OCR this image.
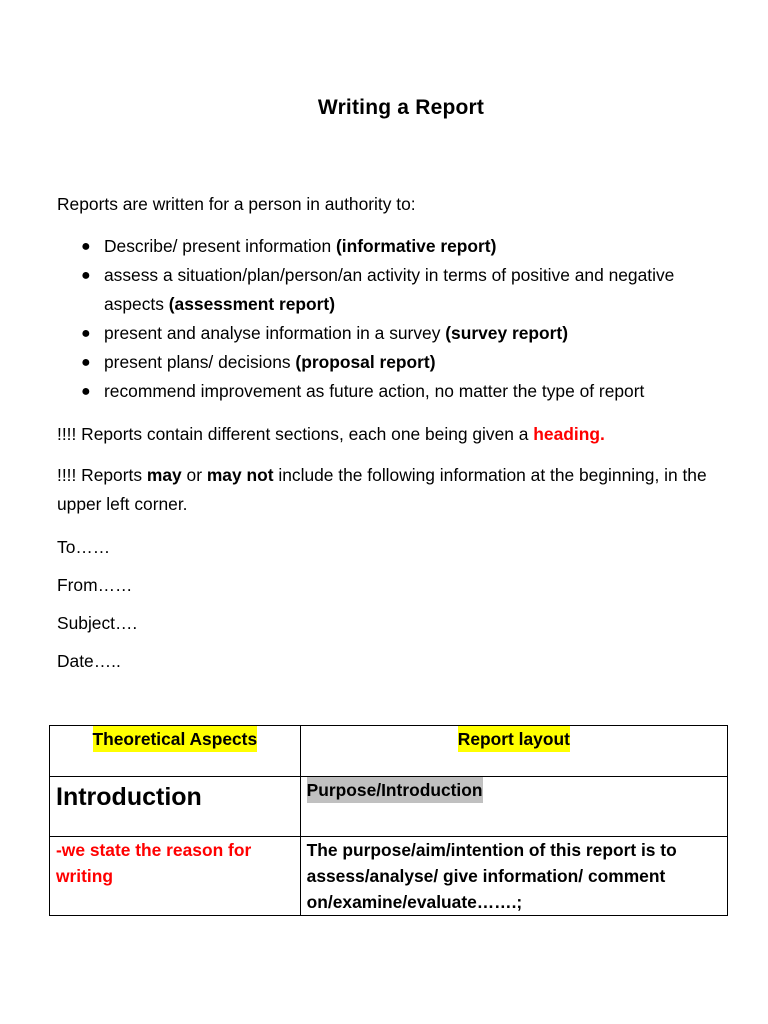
Writing a Report
Reports are written for a person in authority to:
● Describe/ present information (informative report)
● assess a situation/plan/person/an activity in terms of positive and negative aspects (assessment report)
● present and analyse information in a survey (survey report)
● present plans/ decisions (proposal report)
● recommend improvement as future action, no matter the type of report
!!!! Reports contain different sections, each one being given a heading.
!!!! Reports may or may not include the following information at the beginning, in the upper left corner.
To……
From……
Subject….
Date…..
Theoretical Aspects	Report layout
Introduction	Purpose/Introduction
-we state the reason for writing	The purpose/aim/intention of this report is to assess/analyse/ give information/ comment on/examine/evaluate…….;
